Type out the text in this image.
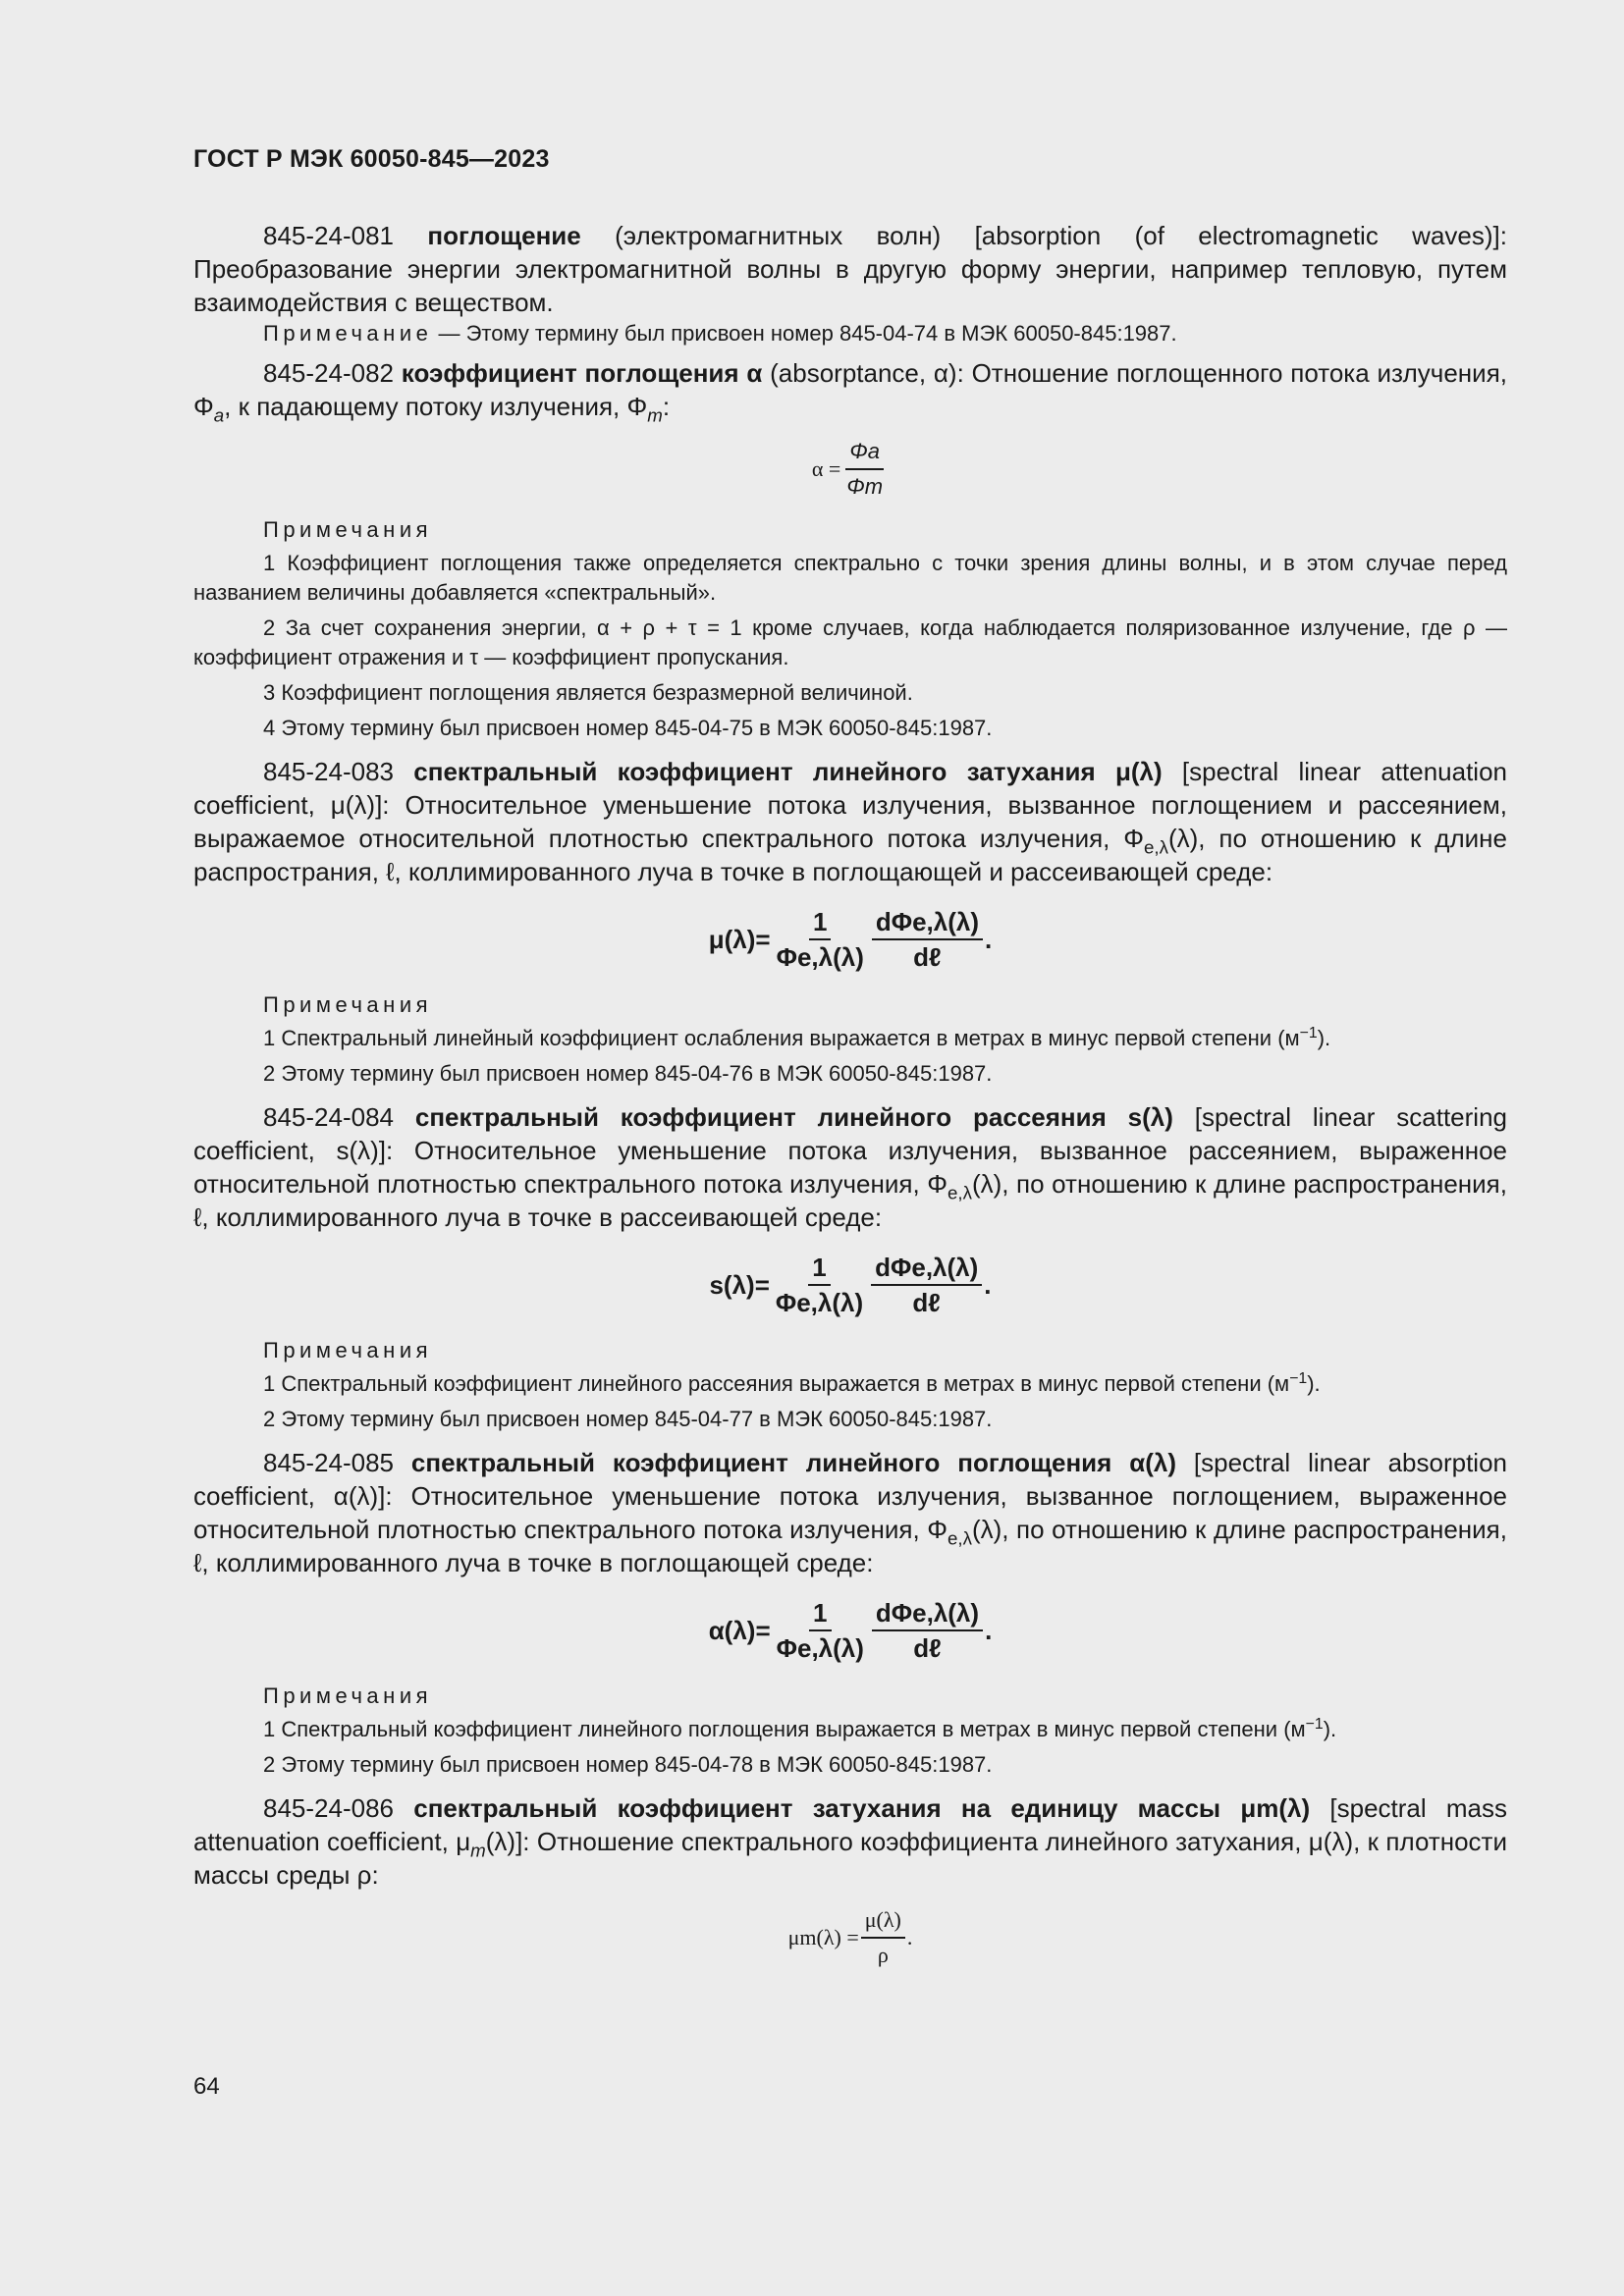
ГОСТ Р МЭК 60050-845—2023

845-24-081 поглощение (электромагнитных волн) [absorption (of electromagnetic waves)]: Преобразование энергии электромагнитной волны в другую форму энергии, например тепловую, путем взаимодействия с веществом.

Примечание — Этому термину был присвоен номер 845-04-74 в МЭК 60050-845:1987.

845-24-082 коэффициент поглощения α (absorptance, α): Отношение поглощенного потока излучения, $\Phi_a$, к падающему потоку излучения, $\Phi_m$:

$\alpha = \frac{\Phi a}{\Phi m}$
Примечания

1 Коэффициент поглощения также определяется спектрально с точки зрения длины волны, и в этом случае перед названием величины добавляется «спектральный».

2 За счет сохранения энергии, α + ρ + τ = 1 кроме случаев, когда наблюдается поляризованное излучение, где ρ — коэффициент отражения и τ — коэффициент пропускания.

3 Коэффициент поглощения является безразмерной величиной.

4 Этому термину был присвоен номер 845-04-75 в МЭК 60050-845:1987.

845-24-083 спектральный коэффициент линейного затухания μ(λ) [spectral linear attenuation coefficient, μ(λ)]: Относительное уменьшение потока излучения, вызванное поглощением и рассеянием, выражаемое относительной плотностью спектрального потока излучения, $\Phi_{e,\lambda}(\lambda)$, по отношению к длине распространия, ℓ, коллимированного луча в точке в поглощающей и рассеивающей среде:

$\mu(\lambda)= \frac{1}{\Phi e,\lambda(\lambda)} \frac{\text{dΦe,λ(λ)}}{\text{dℓ}}$ .
Примечания

1 Спектральный линейный коэффициент ослабления выражается в метрах в минус первой степени $(м^{-1})$.

2 Этому термину был присвоен номер 845-04-76 в МЭК 60050-845:1987.

845-24-084 спектральный коэффициент линейного рассеяния s(λ) [spectral linear scattering coefficient, s(λ)]: Относительное уменьшение потока излучения, вызванное рассеянием, выраженное относительной плотностью спектрального потока излучения, $\Phi_{e,\lambda}(\lambda)$, по отношению к длине распространения, ℓ, коллимированного луча в точке в рассеивающей среде:

$s(\lambda)= \frac{1}{\Phi e,\lambda(\lambda)} \frac{\text{dΦe,λ(λ)}}{\text{dℓ}}$ .
Примечания

1 Спектральный коэффициент линейного рассеяния выражается в метрах в минус первой степени $(м^{-1})$.

2 Этому термину был присвоен номер 845-04-77 в МЭК 60050-845:1987.

845-24-085 спектральный коэффициент линейного поглощения α(λ) [spectral linear absorption coefficient, α(λ)]: Относительное уменьшение потока излучения, вызванное поглощением, выраженное относительной плотностью спектрального потока излучения, $\Phi_{e,\lambda}(\lambda)$, по отношению к длине распространения, ℓ, коллимированного луча в точке в поглощающей среде:

$\alpha(\lambda)= \frac{1}{\Phi e,\lambda(\lambda)} \frac{\text{dΦe,λ(λ)}}{\text{dℓ}}$ .
Примечания

1 Спектральный коэффициент линейного поглощения выражается в метрах в минус первой степени $(м^{-1})$.

2 Этому термину был присвоен номер 845-04-78 в МЭК 60050-845:1987.

845-24-086 спектральный коэффициент затухания на единицу массы μm(λ) [spectral mass attenuation coefficient, $\mu_m(\lambda)$]: Отношение спектрального коэффициента линейного затухания, μ(λ), к плотности массы среды ρ:

$\mu m(\lambda) = \frac{\mu(\lambda)}{\rho}$ .
64
